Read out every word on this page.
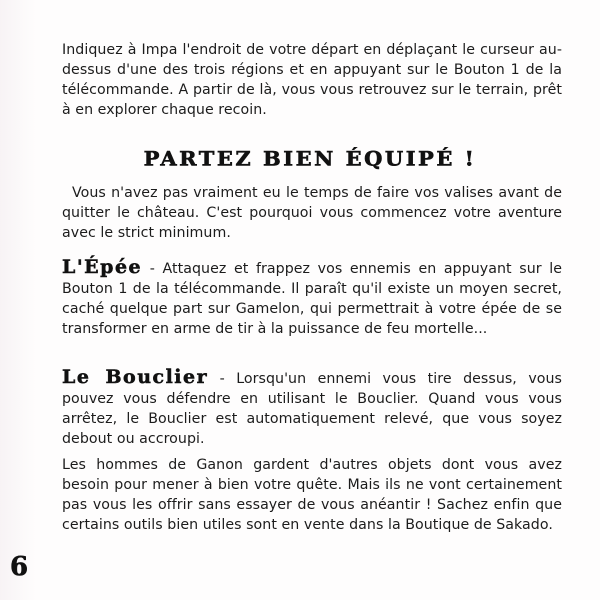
Indiquez à Impa l'endroit de votre départ en déplaçant le curseur au-dessus d'une des trois régions et en appuyant sur le Bouton 1 de la télécommande. A partir de là, vous vous retrouvez sur le terrain, prêt à en explorer chaque recoin.

PARTEZ BIEN ÉQUIPÉ !

Vous n'avez pas vraiment eu le temps de faire vos valises avant de quitter le château. C'est pourquoi vous commencez votre aventure avec le strict minimum.

L'Épée - Attaquez et frappez vos ennemis en appuyant sur le Bouton 1 de la télécommande. Il paraît qu'il existe un moyen secret, caché quelque part sur Gamelon, qui permettrait à votre épée de se transformer en arme de tir à la puissance de feu mortelle...

Le Bouclier - Lorsqu'un ennemi vous tire dessus, vous pouvez vous défendre en utilisant le Bouclier. Quand vous vous arrêtez, le Bouclier est automatiquement relevé, que vous soyez debout ou accroupi.

Les hommes de Ganon gardent d'autres objets dont vous avez besoin pour mener à bien votre quête. Mais ils ne vont certainement pas vous les offrir sans essayer de vous anéantir ! Sachez enfin que certains outils bien utiles sont en vente dans la Boutique de Sakado.

6
